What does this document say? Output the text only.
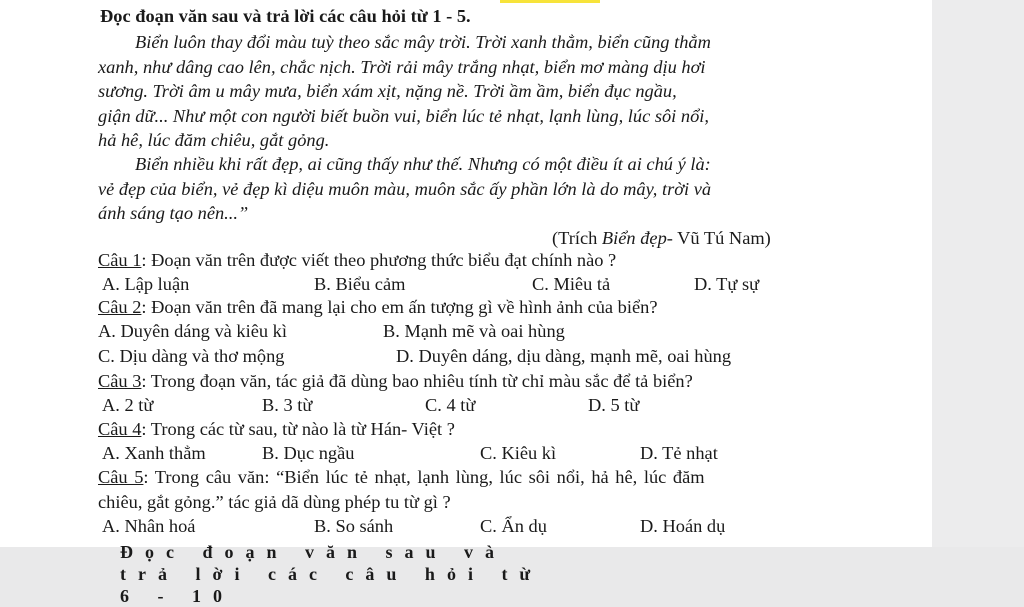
Đọc đoạn văn sau và trả lời các câu hỏi từ 1 - 5.
Biển luôn thay đổi màu tuỳ theo sắc mây trời. Trời xanh thẳm, biển cũng thẳm
xanh, như dâng cao lên, chắc nịch. Trời rải mây trắng nhạt, biển mơ màng dịu hơi
sương. Trời âm u mây mưa, biển xám xịt, nặng nề. Trời ầm ầm, biển đục ngầu,
giận dữ... Như một con người biết buồn vui, biển lúc tẻ nhạt, lạnh lùng, lúc sôi nổi,
hả hê, lúc đăm chiêu, gắt gỏng.
Biển nhiều khi rất đẹp, ai cũng thấy như thế. Nhưng có một điều ít ai chú ý là:
vẻ đẹp của biển, vẻ đẹp kì diệu muôn màu, muôn sắc ấy phần lớn là do mây, trời và
ánh sáng tạo nên...”
(Trích Biển đẹp- Vũ Tú Nam)
Câu 1: Đoạn văn trên được viết theo phương thức biểu đạt chính nào ?
A. Lập luận	B. Biểu cảm	C. Miêu tả	D. Tự sự
Câu 2: Đoạn văn trên đã mang lại cho em ấn tượng gì về hình ảnh của biển?
A. Duyên dáng và kiêu kì	B. Mạnh mẽ và oai hùng
C. Dịu dàng và thơ mộng	D. Duyên dáng, dịu dàng, mạnh mẽ, oai hùng
Câu 3: Trong đoạn văn, tác giả đã dùng bao nhiêu tính từ chỉ màu sắc để tả biển?
A. 2 từ	B. 3 từ	C. 4 từ	D. 5 từ
Câu 4: Trong các từ sau, từ nào là từ Hán- Việt ?
A. Xanh thẳm	B. Dục ngầu	C. Kiêu kì	D. Tẻ nhạt
Câu 5: Trong câu văn: “Biển lúc tẻ nhạt, lạnh lùng, lúc sôi nổi, hả hê, lúc đăm
chiêu, gắt gỏng.” tác giả dã dùng phép tu từ gì ?
A. Nhân hoá	B. So sánh	C. Ẩn dụ	D. Hoán dụ
Đọc đoạn văn sau và trả lời các câu hỏi từ 6 - 10
